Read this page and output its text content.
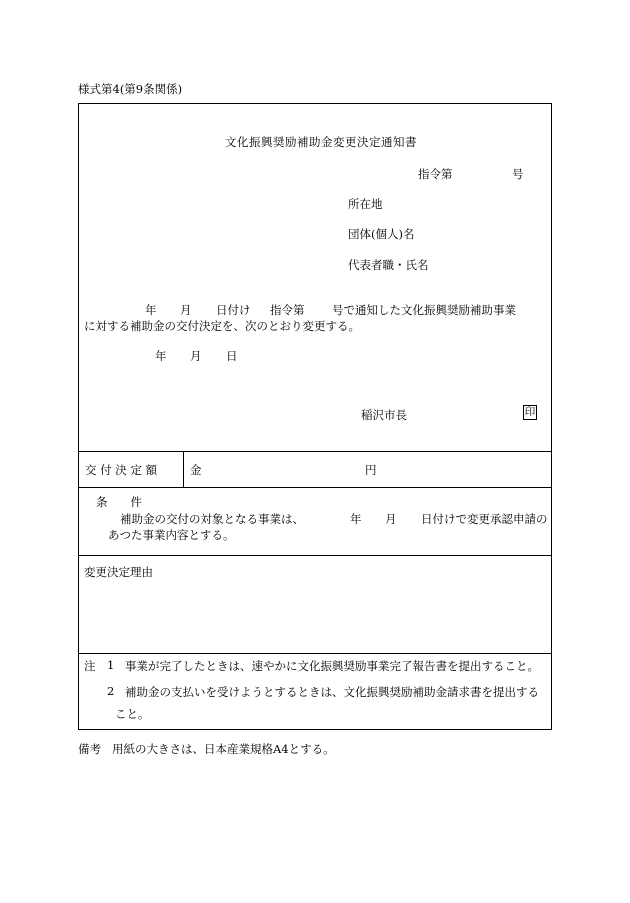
様式第4(第9条関係)
文化振興奨励補助金変更決定通知書
指令第	号
所在地
団体(個人)名
代表者職・氏名
年 月 日付け 指令第 号で通知した文化振興奨励補助事業
に対する補助金の交付決定を、次のとおり変更する。
年 月 日
稲沢市長	印
交 付 決 定 額	金	円
条　　件
補助金の交付の対象となる事業は、	年 月 日付けで変更承認申請の
あつた事業内容とする。
変更決定理由
注 1 事業が完了したときは、速やかに文化振興奨励事業完了報告書を提出すること。
2 補助金の支払いを受けようとするときは、文化振興奨励補助金請求書を提出する
こと。
備考 用紙の大きさは、日本産業規格A4とする。
